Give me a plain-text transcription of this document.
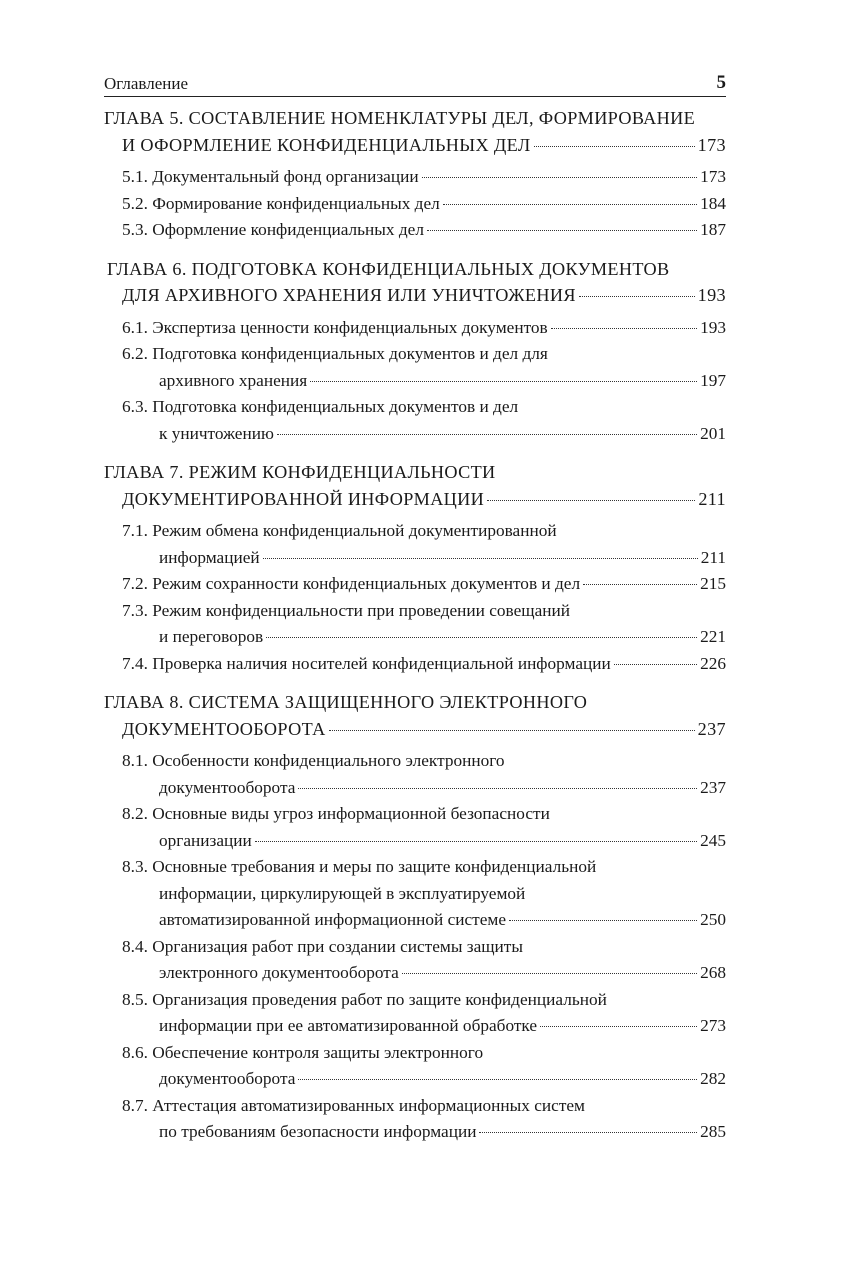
Оглавление	5
ГЛАВА 5. СОСТАВЛЕНИЕ НОМЕНКЛАТУРЫ ДЕЛ, ФОРМИРОВАНИЕ
И ОФОРМЛЕНИЕ КОНФИДЕНЦИАЛЬНЫХ ДЕЛ	173
5.1. Документальный фонд организации	173
5.2. Формирование конфиденциальных дел	184
5.3. Оформление конфиденциальных дел	187
ГЛАВА 6. ПОДГОТОВКА КОНФИДЕНЦИАЛЬНЫХ ДОКУМЕНТОВ
ДЛЯ АРХИВНОГО ХРАНЕНИЯ ИЛИ УНИЧТОЖЕНИЯ	193
6.1. Экспертиза ценности конфиденциальных документов	193
6.2. Подготовка конфиденциальных документов и дел для
архивного хранения	197
6.3. Подготовка конфиденциальных документов и дел
к уничтожению	201
ГЛАВА 7. РЕЖИМ КОНФИДЕНЦИАЛЬНОСТИ
ДОКУМЕНТИРОВАННОЙ ИНФОРМАЦИИ	211
7.1. Режим обмена конфиденциальной документированной
информацией	211
7.2. Режим сохранности конфиденциальных документов и дел	215
7.3. Режим конфиденциальности при проведении совещаний
и переговоров	221
7.4. Проверка наличия носителей конфиденциальной информации	226
ГЛАВА 8. СИСТЕМА ЗАЩИЩЕННОГО ЭЛЕКТРОННОГО
ДОКУМЕНТООБОРОТА	237
8.1. Особенности конфиденциального электронного
документооборота	237
8.2. Основные виды угроз информационной безопасности
организации	245
8.3. Основные требования и меры по защите конфиденциальной
информации, циркулирующей в эксплуатируемой
автоматизированной информационной системе	250
8.4. Организация работ при создании системы защиты
электронного документооборота	268
8.5. Организация проведения работ по защите конфиденциальной
информации при ее автоматизированной обработке	273
8.6. Обеспечение контроля защиты электронного
документооборота	282
8.7. Аттестация автоматизированных информационных систем
по требованиям безопасности информации	285
